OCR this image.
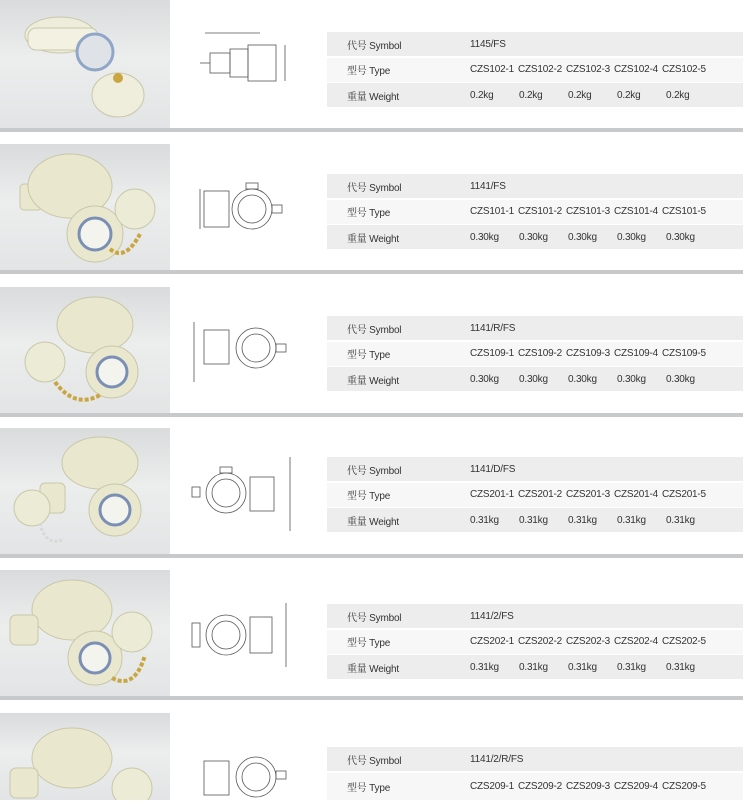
代号 Symbol	1145/FS
型号 Type	CZS102-1 CZS102-2 CZS102-3 CZS102-4 CZS102-5
重量 Weight	0.2kg	0.2kg	0.2kg	0.2kg	0.2kg
代号 Symbol	1141/FS
型号 Type	CZS101-1 CZS101-2 CZS101-3 CZS101-4 CZS101-5
重量 Weight	0.30kg 0.30kg 0.30kg 0.30kg 0.30kg
代号 Symbol	1141/R/FS
型号 Type	CZS109-1 CZS109-2 CZS109-3 CZS109-4 CZS109-5
重量 Weight	0.30kg 0.30kg 0.30kg 0.30kg 0.30kg
代号 Symbol	1141/D/FS
型号 Type	CZS201-1 CZS201-2 CZS201-3 CZS201-4 CZS201-5
重量 Weight	0.31kg 0.31kg 0.31kg 0.31kg 0.31kg
代号 Symbol	1141/2/FS
型号 Type	CZS202-1 CZS202-2 CZS202-3 CZS202-4 CZS202-5
重量 Weight	0.31kg 0.31kg 0.31kg 0.31kg 0.31kg
代号 Symbol	1141/2/R/FS
型号 Type	CZS209-1 CZS209-2 CZS209-3 CZS209-4 CZS209-5
